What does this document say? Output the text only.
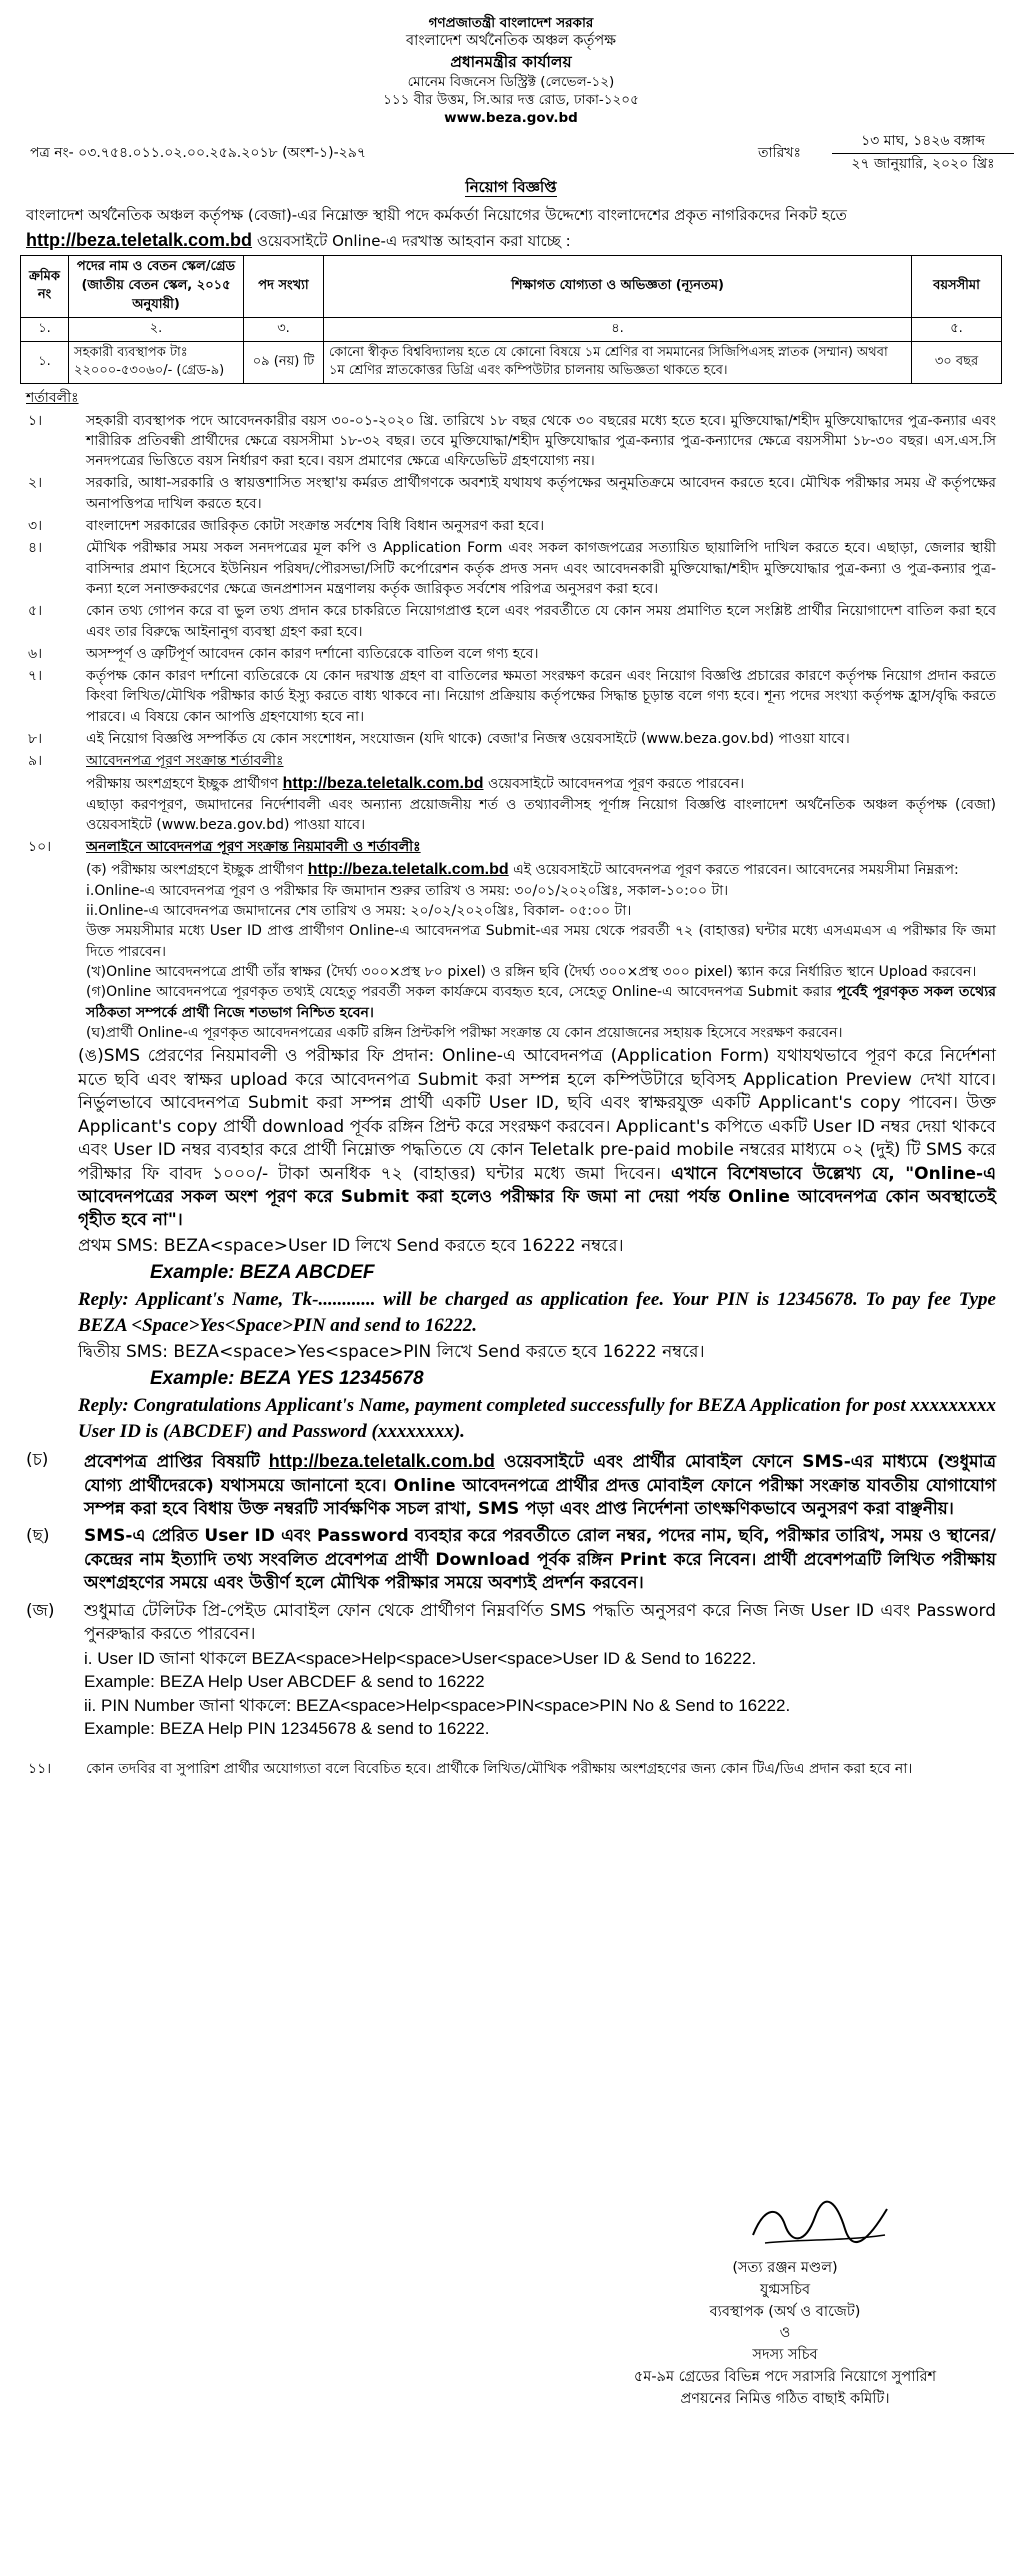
গণপ্রজাতন্ত্রী বাংলাদেশ সরকার
বাংলাদেশ অর্থনৈতিক অঞ্চল কর্তৃপক্ষ
প্রধানমন্ত্রীর কার্যালয়
মোনেম বিজনেস ডিস্ট্রিক্ট (লেভেল-১২)
১১১ বীর উত্তম, সি.আর দত্ত রোড, ঢাকা-১২০৫
www.beza.gov.bd
পত্র নং- ০৩.৭৫৪.০১১.০২.০০.২৫৯.২০১৮ (অংশ-১)-২৯৭	তারিখঃ
১৩ মাঘ, ১৪২৬ বঙ্গাব্দ
২৭ জানুয়ারি, ২০২০ খ্রিঃ
নিয়োগ বিজ্ঞপ্তি
বাংলাদেশ অর্থনৈতিক অঞ্চল কর্তৃপক্ষ (বেজা)-এর নিম্নোক্ত স্থায়ী পদে কর্মকর্তা নিয়োগের উদ্দেশ্যে বাংলাদেশের প্রকৃত নাগরিকদের নিকট হতে
http://beza.teletalk.com.bd ওয়েবসাইটে Online-এ দরখাস্ত আহবান করা যাচ্ছে :
ক্রমিক নং	পদের নাম ও বেতন স্কেল/গ্রেড (জাতীয় বেতন স্কেল, ২০১৫ অনুযায়ী)	পদ সংখ্যা	শিক্ষাগত যোগ্যতা ও অভিজ্ঞতা (ন্যূনতম)	বয়সসীমা
১.	২.	৩.	৪.	৫.
১.	সহকারী ব্যবস্থাপক টাঃ ২২০০০-৫৩০৬০/- (গ্রেড-৯)	০৯ (নয়) টি	কোনো স্বীকৃত বিশ্ববিদ্যালয় হতে যে কোনো বিষয়ে ১ম শ্রেণির বা সমমানের সিজিপিএসহ স্নাতক (সম্মান) অথবা ১ম শ্রেণির স্নাতকোত্তর ডিগ্রি এবং কম্পিউটার চালনায় অভিজ্ঞতা থাকতে হবে।	৩০ বছর
শর্তাবলীঃ
১।	সহকারী ব্যবস্থাপক পদে আবেদনকারীর বয়স ৩০-০১-২০২০ খ্রি. তারিখে ১৮ বছর থেকে ৩০ বছরের মধ্যে হতে হবে। মুক্তিযোদ্ধা/শহীদ মুক্তিযোদ্ধাদের পুত্র-কন্যার এবং শারীরিক প্রতিবন্ধী প্রার্থীদের ক্ষেত্রে বয়সসীমা ১৮-৩২ বছর। তবে মুক্তিযোদ্ধা/শহীদ মুক্তিযোদ্ধার পুত্র-কন্যার পুত্র-কন্যাদের ক্ষেত্রে বয়সসীমা ১৮-৩০ বছর। এস.এস.সি সনদপত্রের ভিত্তিতে বয়স নির্ধারণ করা হবে। বয়স প্রমাণের ক্ষেত্রে এফিডেভিট গ্রহণযোগ্য নয়।
২।	সরকারি, আধা-সরকারি ও স্বায়ত্তশাসিত সংস্থা'য় কর্মরত প্রার্থীগণকে অবশ্যই যথাযথ কর্তৃপক্ষের অনুমতিক্রমে আবেদন করতে হবে। মৌখিক পরীক্ষার সময় ঐ কর্তৃপক্ষের অনাপত্তিপত্র দাখিল করতে হবে।
৩।	বাংলাদেশ সরকারের জারিকৃত কোটা সংক্রান্ত সর্বশেষ বিধি বিধান অনুসরণ করা হবে।
৪।	মৌখিক পরীক্ষার সময় সকল সনদপত্রের মূল কপি ও Application Form এবং সকল কাগজপত্রের সত্যায়িত ছায়ালিপি দাখিল করতে হবে। এছাড়া, জেলার স্থায়ী বাসিন্দার প্রমাণ হিসেবে ইউনিয়ন পরিষদ/পৌরসভা/সিটি কর্পোরেশন কর্তৃক প্রদত্ত সনদ এবং আবেদনকারী মুক্তিযোদ্ধা/শহীদ মুক্তিযোদ্ধার পুত্র-কন্যা ও পুত্র-কন্যার পুত্র-কন্যা হলে সনাক্তকরণের ক্ষেত্রে জনপ্রশাসন মন্ত্রণালয় কর্তৃক জারিকৃত সর্বশেষ পরিপত্র অনুসরণ করা হবে।
৫।	কোন তথ্য গোপন করে বা ভুল তথ্য প্রদান করে চাকরিতে নিয়োগপ্রাপ্ত হলে এবং পরবর্তীতে যে কোন সময় প্রমাণিত হলে সংশ্লিষ্ট প্রার্থীর নিয়োগাদেশ বাতিল করা হবে এবং তার বিরুদ্ধে আইনানুগ ব্যবস্থা গ্রহণ করা হবে।
৬।	অসম্পূর্ণ ও ত্রুটিপূর্ণ আবেদন কোন কারণ দর্শানো ব্যতিরেকে বাতিল বলে গণ্য হবে।
৭।	কর্তৃপক্ষ কোন কারণ দর্শানো ব্যতিরেকে যে কোন দরখাস্ত গ্রহণ বা বাতিলের ক্ষমতা সংরক্ষণ করেন এবং নিয়োগ বিজ্ঞপ্তি প্রচারের কারণে কর্তৃপক্ষ নিয়োগ প্রদান করতে কিংবা লিখিত/মৌখিক পরীক্ষার কার্ড ইস্যু করতে বাধ্য থাকবে না। নিয়োগ প্রক্রিয়ায় কর্তৃপক্ষের সিদ্ধান্ত চূড়ান্ত বলে গণ্য হবে। শূন্য পদের সংখ্যা কর্তৃপক্ষ হ্রাস/বৃদ্ধি করতে পারবে। এ বিষয়ে কোন আপত্তি গ্রহণযোগ্য হবে না।
৮।	এই নিয়োগ বিজ্ঞপ্তি সম্পর্কিত যে কোন সংশোধন, সংযোজন (যদি থাকে) বেজা'র নিজস্ব ওয়েবসাইটে (www.beza.gov.bd) পাওয়া যাবে।
৯।	আবেদনপত্র পূরণ সংক্রান্ত শর্তাবলীঃ
পরীক্ষায় অংশগ্রহণে ইচ্ছুক প্রার্থীগণ http://beza.teletalk.com.bd ওয়েবসাইটে আবেদনপত্র পূরণ করতে পারবেন।
এছাড়া করণপূরণ, জমাদানের নির্দেশাবলী এবং অন্যান্য প্রয়োজনীয় শর্ত ও তথ্যাবলীসহ পূর্ণাঙ্গ নিয়োগ বিজ্ঞপ্তি বাংলাদেশ অর্থনৈতিক অঞ্চল কর্তৃপক্ষ (বেজা) ওয়েবসাইটে (www.beza.gov.bd) পাওয়া যাবে।
১০।	অনলাইনে আবেদনপত্র পূরণ সংক্রান্ত নিয়মাবলী ও শর্তাবলীঃ
(ক) পরীক্ষায় অংশগ্রহণে ইচ্ছুক প্রার্থীগণ http://beza.teletalk.com.bd এই ওয়েবসাইটে আবেদনপত্র পূরণ করতে পারবেন। আবেদনের সময়সীমা নিম্নরূপ:
i.Online-এ আবেদনপত্র পূরণ ও পরীক্ষার ফি জমাদান শুরুর তারিখ ও সময়: ৩০/০১/২০২০খ্রিঃ, সকাল-১০:০০ টা।
ii.Online-এ আবেদনপত্র জমাদানের শেষ তারিখ ও সময়: ২০/০২/২০২০খ্রিঃ, বিকাল- ০৫:০০ টা।
উক্ত সময়সীমার মধ্যে User ID প্রাপ্ত প্রার্থীগণ Online-এ আবেদনপত্র Submit-এর সময় থেকে পরবর্তী ৭২ (বাহাত্তর) ঘন্টার মধ্যে এসএমএস এ পরীক্ষার ফি জমা দিতে পারবেন।
(খ)Online আবেদনপত্রে প্রার্থী তাঁর স্বাক্ষর (দৈর্ঘ্য ৩০০×প্রস্থ ৮০ pixel) ও রঙ্গিন ছবি (দৈর্ঘ্য ৩০০×প্রস্থ ৩০০ pixel) স্ক্যান করে নির্ধারিত স্থানে Upload করবেন।
(গ)Online আবেদনপত্রে পূরণকৃত তথ্যই যেহেতু পরবর্তী সকল কার্যক্রমে ব্যবহৃত হবে, সেহেতু Online-এ আবেদনপত্র Submit করার পূর্বেই পূরণকৃত সকল তথ্যের সঠিকতা সম্পর্কে প্রার্থী নিজে শতভাগ নিশ্চিত হবেন।
(ঘ)প্রার্থী Online-এ পূরণকৃত আবেদনপত্রের একটি রঙ্গিন প্রিন্টকপি পরীক্ষা সংক্রান্ত যে কোন প্রয়োজনের সহায়ক হিসেবে সংরক্ষণ করবেন।

(ঙ)SMS প্রেরণের নিয়মাবলী ও পরীক্ষার ফি প্রদান: Online-এ আবেদনপত্র (Application Form) যথাযথভাবে পূরণ করে নির্দেশনা মতে ছবি এবং স্বাক্ষর upload করে আবেদনপত্র Submit করা সম্পন্ন হলে কম্পিউটারে ছবিসহ Application Preview দেখা যাবে। নির্ভুলভাবে আবেদনপত্র Submit করা সম্পন্ন প্রার্থী একটি User ID, ছবি এবং স্বাক্ষরযুক্ত একটি Applicant's copy পাবেন। উক্ত Applicant's copy প্রার্থী download পূর্বক রঙ্গিন প্রিন্ট করে সংরক্ষণ করবেন। Applicant's কপিতে একটি User ID নম্বর দেয়া থাকবে এবং User ID নম্বর ব্যবহার করে প্রার্থী নিম্নোক্ত পদ্ধতিতে যে কোন Teletalk pre-paid mobile নম্বরের মাধ্যমে ০২ (দুই) টি SMS করে পরীক্ষার ফি বাবদ ১০০০/- টাকা অনধিক ৭২ (বাহাত্তর) ঘন্টার মধ্যে জমা দিবেন। এখানে বিশেষভাবে উল্লেখ্য যে, "Online-এ আবেদনপত্রের সকল অংশ পূরণ করে Submit করা হলেও পরীক্ষার ফি জমা না দেয়া পর্যন্ত Online আবেদনপত্র কোন অবস্থাতেই গৃহীত হবে না"।

প্রথম SMS: BEZA<space>User ID লিখে Send করতে হবে 16222 নম্বরে।

Example: BEZA ABCDEF
Reply: Applicant's Name, Tk-............ will be charged as application fee. Your PIN is 12345678. To pay fee Type BEZA <Space>Yes<Space>PIN and send to 16222.

দ্বিতীয় SMS: BEZA<space>Yes<space>PIN লিখে Send করতে হবে 16222 নম্বরে।

Example: BEZA YES 12345678
Reply: Congratulations Applicant's Name, payment completed successfully for BEZA Application for post xxxxxxxxx User ID is (ABCDEF) and Password (xxxxxxxx).
(চ)	প্রবেশপত্র প্রাপ্তির বিষয়টি http://beza.teletalk.com.bd ওয়েবসাইটে এবং প্রার্থীর মোবাইল ফোনে SMS-এর মাধ্যমে (শুধুমাত্র যোগ্য প্রার্থীদেরকে) যথাসময়ে জানানো হবে। Online আবেদনপত্রে প্রার্থীর প্রদত্ত মোবাইল ফোনে পরীক্ষা সংক্রান্ত যাবতীয় যোগাযোগ সম্পন্ন করা হবে বিধায় উক্ত নম্বরটি সার্বক্ষণিক সচল রাখা, SMS পড়া এবং প্রাপ্ত নির্দেশনা তাৎক্ষণিকভাবে অনুসরণ করা বাঞ্ছনীয়।
(ছ)	SMS-এ প্রেরিত User ID এবং Password ব্যবহার করে পরবর্তীতে রোল নম্বর, পদের নাম, ছবি, পরীক্ষার তারিখ, সময় ও স্থানের/কেন্দ্রের নাম ইত্যাদি তথ্য সংবলিত প্রবেশপত্র প্রার্থী Download পূর্বক রঙ্গিন Print করে নিবেন। প্রার্থী প্রবেশপত্রটি লিখিত পরীক্ষায় অংশগ্রহণের সময়ে এবং উত্তীর্ণ হলে মৌখিক পরীক্ষার সময়ে অবশ্যই প্রদর্শন করবেন।
(জ)	শুধুমাত্র টেলিটক প্রি-পেইড মোবাইল ফোন থেকে প্রার্থীগণ নিম্নবর্ণিত SMS পদ্ধতি অনুসরণ করে নিজ নিজ User ID এবং Password পুনরুদ্ধার করতে পারবেন।
i. User ID জানা থাকলে BEZA<space>Help<space>User<space>User ID & Send to 16222.
Example: BEZA Help User ABCDEF & send to 16222
ii. PIN Number জানা থাকলে: BEZA<space>Help<space>PIN<space>PIN No & Send to 16222.
Example: BEZA Help PIN 12345678 & send to 16222.
১১।	কোন তদবির বা সুপারিশ প্রার্থীর অযোগ্যতা বলে বিবেচিত হবে। প্রার্থীকে লিখিত/মৌখিক পরীক্ষায় অংশগ্রহণের জন্য কোন টিএ/ডিএ প্রদান করা হবে না।
(সত্য রঞ্জন মণ্ডল)
যুগ্মসচিব
ব্যবস্থাপক (অর্থ ও বাজেট)
ও
সদস্য সচিব
৫ম-৯ম গ্রেডের বিভিন্ন পদে সরাসরি নিয়োগে সুপারিশ
প্রণয়নের নিমিত্ত গঠিত বাছাই কমিটি।
